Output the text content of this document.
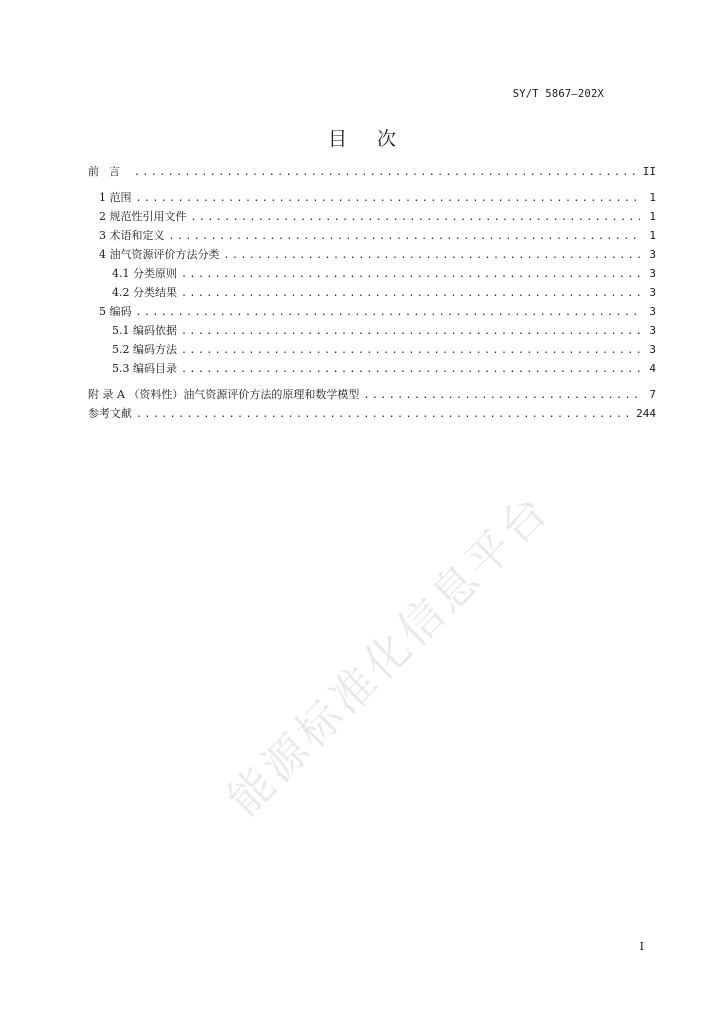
SY/T 5867—202X
目次
前言 .....	II
1 范围 .....	1
2 规范性引用文件 .....	1
3 术语和定义 .....	1
4 油气资源评价方法分类 .....	3
4.1 分类原则 .....	3
4.2 分类结果 .....	3
5 编码 .....	3
5.1 编码依据 .....	3
5.2 编码方法 .....	3
5.3 编码目录 .....	4
附 录 A （资料性）油气资源评价方法的原理和数学模型 .....	7
参考文献 .....	244
能源标准化信息平台
I
